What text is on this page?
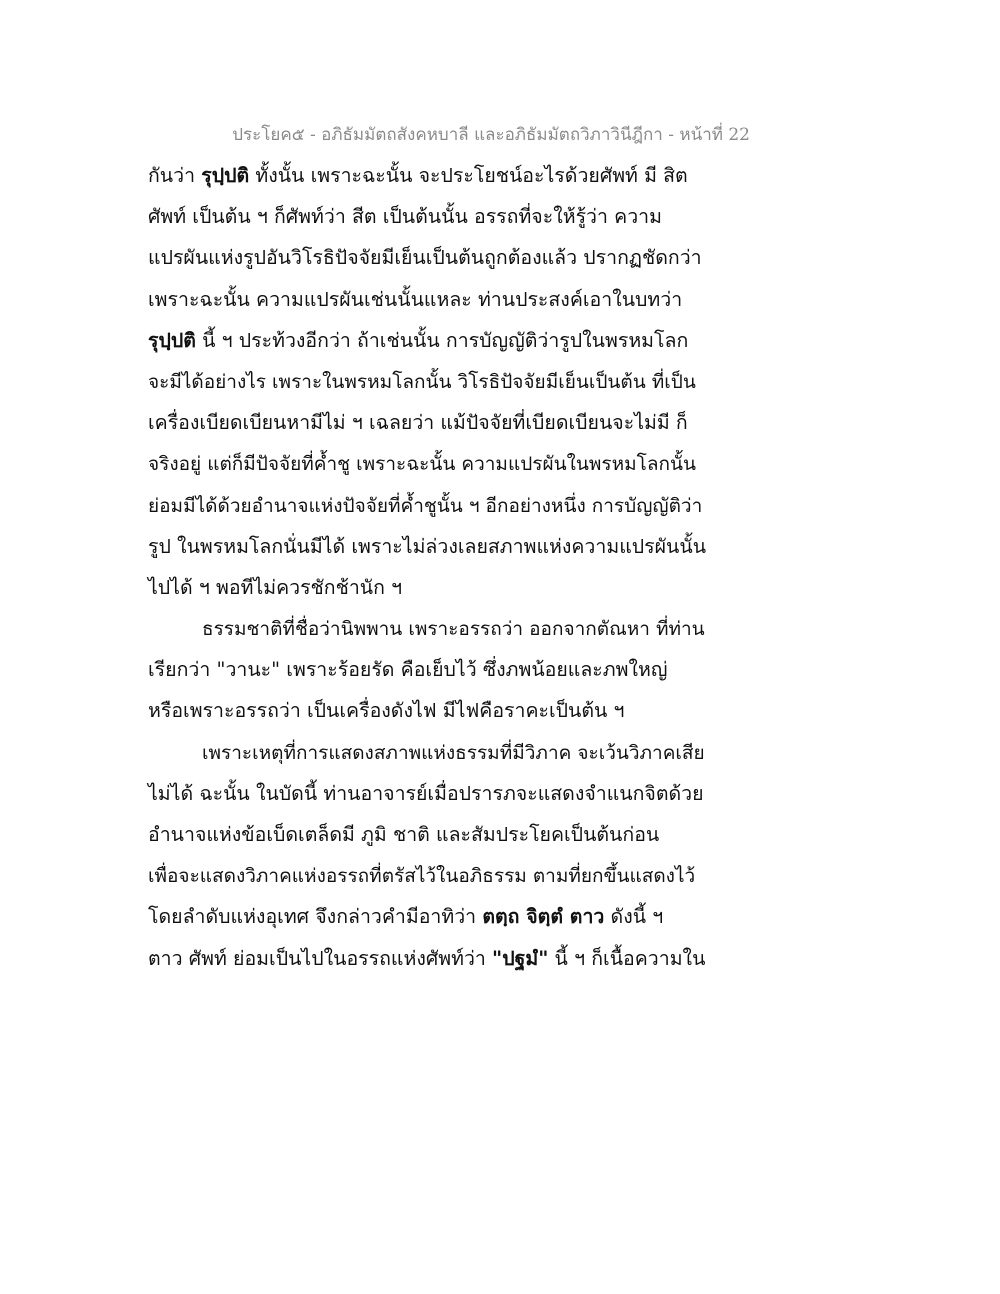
ประโยค๕ - อภิธัมมัตถสังคหบาลี และอภิธัมมัตถวิภาวินีฎีกา - หน้าที่ 22
กันว่า รุปฺปติ ทั้งนั้น เพราะฉะนั้น จะประโยชน์อะไรด้วยศัพท์ มี สิต
ศัพท์ เป็นต้น ฯ ก็ศัพท์ว่า สีต เป็นต้นนั้น อรรถที่จะให้รู้ว่า ความ
แปรผันแห่งรูปอันวิโรธิปัจจัยมีเย็นเป็นต้นถูกต้องแล้ว ปรากฏชัดกว่า
เพราะฉะนั้น ความแปรผันเช่นนั้นแหละ ท่านประสงค์เอาในบทว่า
รุปฺปติ นี้ ฯ ประท้วงอีกว่า ถ้าเช่นนั้น การบัญญัติว่ารูปในพรหมโลก
จะมีได้อย่างไร เพราะในพรหมโลกนั้น วิโรธิปัจจัยมีเย็นเป็นต้น ที่เป็น
เครื่องเบียดเบียนหามีไม่ ฯ เฉลยว่า แม้ปัจจัยที่เบียดเบียนจะไม่มี ก็
จริงอยู่ แต่ก็มีปัจจัยที่ค้ำชู เพราะฉะนั้น ความแปรผันในพรหมโลกนั้น
ย่อมมีได้ด้วยอำนาจแห่งปัจจัยที่ค้ำชูนั้น ฯ อีกอย่างหนึ่ง การบัญญัติว่า
รูป ในพรหมโลกนั่นมีได้ เพราะไม่ล่วงเลยสภาพแห่งความแปรผันนั้น
ไปได้ ฯ พอทีไม่ควรชักช้านัก ฯ
ธรรมชาติที่ชื่อว่านิพพาน เพราะอรรถว่า ออกจากตัณหา ที่ท่าน
เรียกว่า "วานะ" เพราะร้อยรัด คือเย็บไว้ ซึ่งภพน้อยและภพใหญ่
หรือเพราะอรรถว่า เป็นเครื่องดังไฟ มีไฟคือราคะเป็นต้น ฯ
เพราะเหตุที่การแสดงสภาพแห่งธรรมที่มีวิภาค จะเว้นวิภาคเสีย
ไม่ได้ ฉะนั้น ในบัดนี้ ท่านอาจารย์เมื่อปรารภจะแสดงจำแนกจิตด้วย
อำนาจแห่งข้อเบ็ดเตล็ดมี ภูมิ ชาติ และสัมประโยคเป็นต้นก่อน
เพื่อจะแสดงวิภาคแห่งอรรถที่ตรัสไว้ในอภิธรรม ตามที่ยกขึ้นแสดงไว้
โดยลำดับแห่งอุเทศ จึงกล่าวคำมีอาทิว่า ตตฺถ จิตฺตํ ตาว ดังนี้ ฯ
ตาว ศัพท์ ย่อมเป็นไปในอรรถแห่งศัพท์ว่า "ปฐมํ" นี้ ฯ ก็เนื้อความใน
